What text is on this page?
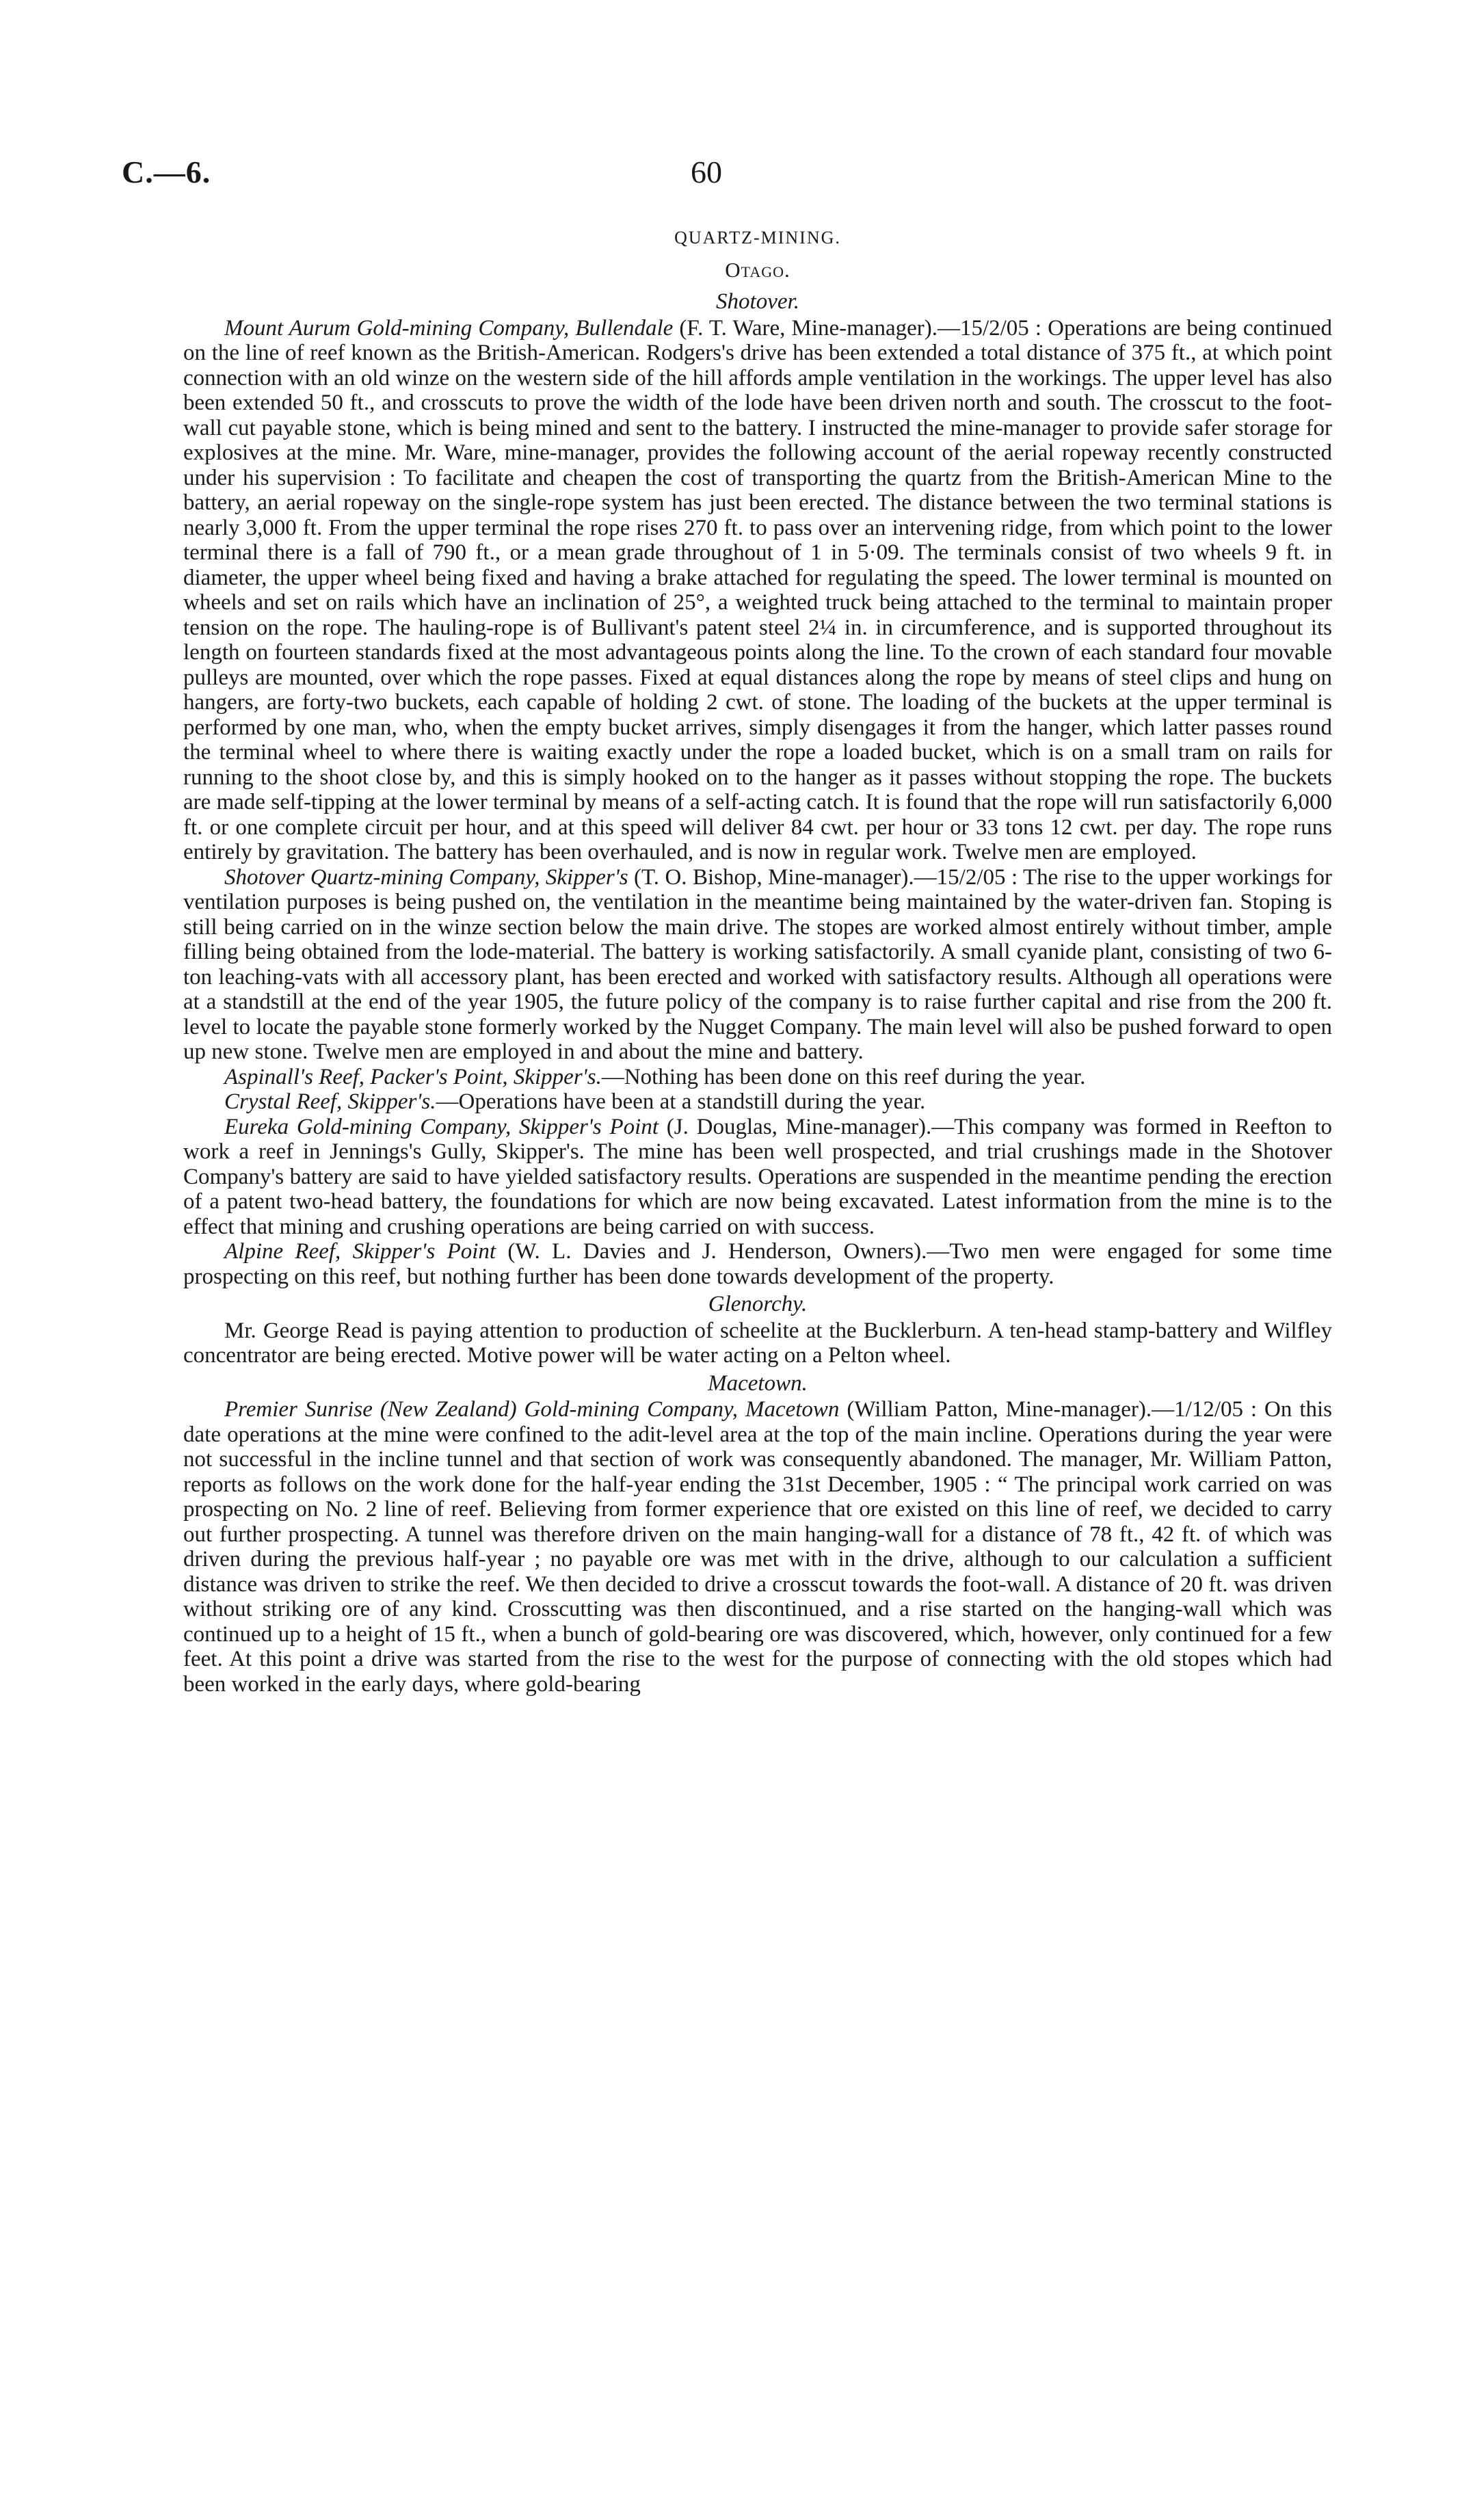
C.—6.	60
QUARTZ-MINING.
Otago.
Shotover.

Mount Aurum Gold-mining Company, Bullendale (F. T. Ware, Mine-manager).—15/2/05 : Operations are being continued on the line of reef known as the British-American. Rodgers's drive has been extended a total distance of 375 ft., at which point connection with an old winze on the western side of the hill affords ample ventilation in the workings. The upper level has also been extended 50 ft., and crosscuts to prove the width of the lode have been driven north and south. The crosscut to the foot-wall cut payable stone, which is being mined and sent to the battery. I instructed the mine-manager to provide safer storage for explosives at the mine. Mr. Ware, mine-manager, provides the following account of the aerial ropeway recently constructed under his supervision : To facilitate and cheapen the cost of transporting the quartz from the British-American Mine to the battery, an aerial ropeway on the single-rope system has just been erected. The distance between the two terminal stations is nearly 3,000 ft. From the upper terminal the rope rises 270 ft. to pass over an intervening ridge, from which point to the lower terminal there is a fall of 790 ft., or a mean grade throughout of 1 in 5·09. The terminals consist of two wheels 9 ft. in diameter, the upper wheel being fixed and having a brake attached for regulating the speed. The lower terminal is mounted on wheels and set on rails which have an inclination of 25°, a weighted truck being attached to the terminal to maintain proper tension on the rope. The hauling-rope is of Bullivant's patent steel 2¼ in. in circumference, and is supported throughout its length on fourteen standards fixed at the most advantageous points along the line. To the crown of each standard four movable pulleys are mounted, over which the rope passes. Fixed at equal distances along the rope by means of steel clips and hung on hangers, are forty-two buckets, each capable of holding 2 cwt. of stone. The loading of the buckets at the upper terminal is performed by one man, who, when the empty bucket arrives, simply disengages it from the hanger, which latter passes round the terminal wheel to where there is waiting exactly under the rope a loaded bucket, which is on a small tram on rails for running to the shoot close by, and this is simply hooked on to the hanger as it passes without stopping the rope. The buckets are made self-tipping at the lower terminal by means of a self-acting catch. It is found that the rope will run satisfactorily 6,000 ft. or one complete circuit per hour, and at this speed will deliver 84 cwt. per hour or 33 tons 12 cwt. per day. The rope runs entirely by gravitation. The battery has been overhauled, and is now in regular work. Twelve men are employed.

Shotover Quartz-mining Company, Skipper's (T. O. Bishop, Mine-manager).—15/2/05 : The rise to the upper workings for ventilation purposes is being pushed on, the ventilation in the meantime being maintained by the water-driven fan. Stoping is still being carried on in the winze section below the main drive. The stopes are worked almost entirely without timber, ample filling being obtained from the lode-material. The battery is working satisfactorily. A small cyanide plant, consisting of two 6-ton leaching-vats with all accessory plant, has been erected and worked with satisfactory results. Although all operations were at a standstill at the end of the year 1905, the future policy of the company is to raise further capital and rise from the 200 ft. level to locate the payable stone formerly worked by the Nugget Company. The main level will also be pushed forward to open up new stone. Twelve men are employed in and about the mine and battery.

Aspinall's Reef, Packer's Point, Skipper's.—Nothing has been done on this reef during the year.

Crystal Reef, Skipper's.—Operations have been at a standstill during the year.

Eureka Gold-mining Company, Skipper's Point (J. Douglas, Mine-manager).—This company was formed in Reefton to work a reef in Jennings's Gully, Skipper's. The mine has been well prospected, and trial crushings made in the Shotover Company's battery are said to have yielded satisfactory results. Operations are suspended in the meantime pending the erection of a patent two-head battery, the foundations for which are now being excavated. Latest information from the mine is to the effect that mining and crushing operations are being carried on with success.

Alpine Reef, Skipper's Point (W. L. Davies and J. Henderson, Owners).—Two men were engaged for some time prospecting on this reef, but nothing further has been done towards development of the property.

Glenorchy.

Mr. George Read is paying attention to production of scheelite at the Bucklerburn. A ten-head stamp-battery and Wilfley concentrator are being erected. Motive power will be water acting on a Pelton wheel.

Macetown.

Premier Sunrise (New Zealand) Gold-mining Company, Macetown (William Patton, Mine-manager).—1/12/05 : On this date operations at the mine were confined to the adit-level area at the top of the main incline. Operations during the year were not successful in the incline tunnel and that section of work was consequently abandoned. The manager, Mr. William Patton, reports as follows on the work done for the half-year ending the 31st December, 1905 : “ The principal work carried on was prospecting on No. 2 line of reef. Believing from former experience that ore existed on this line of reef, we decided to carry out further prospecting. A tunnel was therefore driven on the main hanging-wall for a distance of 78 ft., 42 ft. of which was driven during the previous half-year ; no payable ore was met with in the drive, although to our calculation a sufficient distance was driven to strike the reef. We then decided to drive a crosscut towards the foot-wall. A distance of 20 ft. was driven without striking ore of any kind. Crosscutting was then discontinued, and a rise started on the hanging-wall which was continued up to a height of 15 ft., when a bunch of gold-bearing ore was discovered, which, however, only continued for a few feet. At this point a drive was started from the rise to the west for the purpose of connecting with the old stopes which had been worked in the early days, where gold-bearing
